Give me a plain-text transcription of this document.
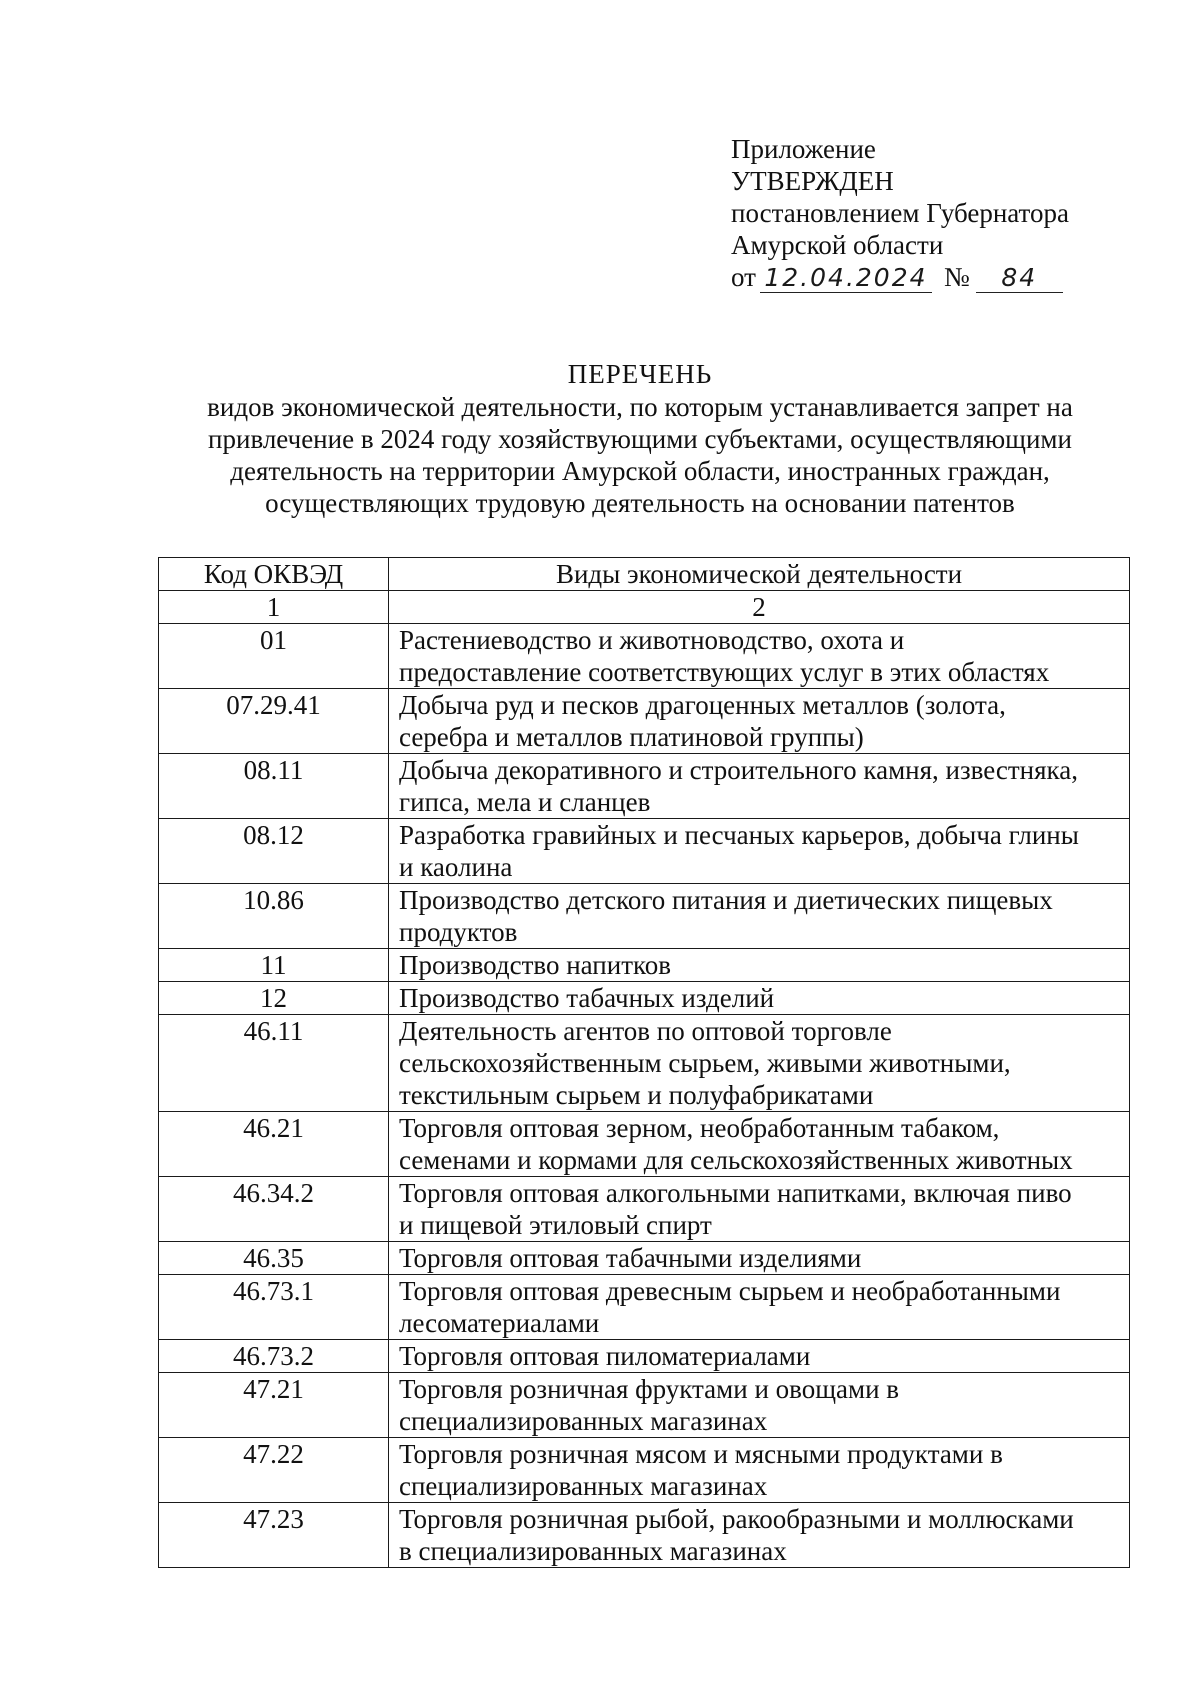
Приложение
УТВЕРЖДЕН
постановлением Губернатора
Амурской области
от 12.04.2024 №	84
ПЕРЕЧЕНЬ
видов экономической деятельности, по которым устанавливается запрет на
привлечение в 2024 году хозяйствующими субъектами, осуществляющими
деятельность на территории Амурской области, иностранных граждан,
осуществляющих трудовую деятельность на основании патентов
Код ОКВЭД	Виды экономической деятельности
1	2
01	Растениеводство и животноводство, охота и
предоставление соответствующих услуг в этих областях

07.29.41	Добыча руд и песков драгоценных металлов (золота,
серебра и металлов платиновой группы)

08.11	Добыча декоративного и строительного камня, известняка,
гипса, мела и сланцев

08.12	Разработка гравийных и песчаных карьеров, добыча глины
и каолина

10.86	Производство детского питания и диетических пищевых
продуктов

11	Производство напитков

12	Производство табачных изделий

46.11	Деятельность агентов по оптовой торговле
сельскохозяйственным сырьем, живыми животными,
текстильным сырьем и полуфабрикатами

46.21	Торговля оптовая зерном, необработанным табаком,
семенами и кормами для сельскохозяйственных животных

46.34.2	Торговля оптовая алкогольными напитками, включая пиво
и пищевой этиловый спирт

46.35	Торговля оптовая табачными изделиями

46.73.1	Торговля оптовая древесным сырьем и необработанными
лесоматериалами

46.73.2	Торговля оптовая пиломатериалами

47.21	Торговля розничная фруктами и овощами в
специализированных магазинах

47.22	Торговля розничная мясом и мясными продуктами в
специализированных магазинах

47.23	Торговля розничная рыбой, ракообразными и моллюсками
в специализированных магазинах
